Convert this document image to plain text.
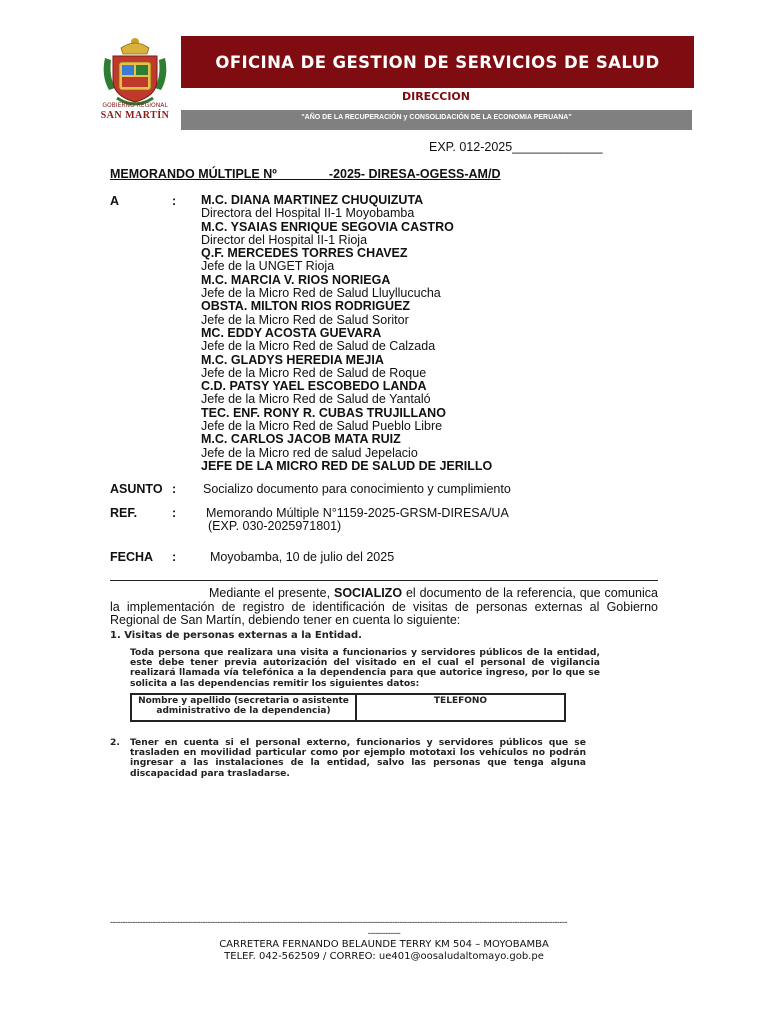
GOBIERNO REGIONAL
SAN MARTÍN
OFICINA DE GESTION DE SERVICIOS DE SALUD
DIRECCION
"AÑO DE LA RECUPERACIÓN y CONSOLIDACIÓN DE LA ECONOMIA PERUANA"
EXP. 012-2025_____________
MEMORANDO MÚLTIPLE Nº               -2025- DIRESA-OGESS-AM/D
A	: M.C. DIANA MARTINEZ CHUQUIZUTA
Directora del Hospital II-1 Moyobamba
M.C. YSAIAS ENRIQUE SEGOVIA CASTRO
Director del Hospital II-1 Rioja
Q.F. MERCEDES TORRES CHAVEZ
Jefe de la UNGET Rioja
M.C. MARCIA V. RIOS NORIEGA
Jefe de la Micro Red de Salud Lluyllucucha
OBSTA. MILTON RIOS RODRIGUEZ
Jefe de la Micro Red de Salud Soritor
MC. EDDY ACOSTA GUEVARA
Jefe de la Micro Red de Salud de Calzada
M.C. GLADYS HEREDIA MEJIA
Jefe de la Micro Red de Salud de Roque
C.D. PATSY YAEL ESCOBEDO LANDA
Jefe de la Micro Red de Salud de Yantaló
TEC. ENF. RONY R. CUBAS TRUJILLANO
Jefe de la Micro Red de Salud Pueblo Libre
M.C. CARLOS JACOB MATA RUIZ
Jefe de la Micro red de salud Jepelacio
JEFE DE LA MICRO RED DE SALUD DE JERILLO
ASUNTO : Socializo documento para conocimiento y cumplimiento
REF.	: Memorando Múltiple N°1159-2025-GRSM-DIRESA/UA
(EXP. 030-2025971801)
FECHA :	Moyobamba, 10 de julio del 2025
Mediante el presente, SOCIALIZO el documento de la referencia, que comunica la implementación de registro de identificación de visitas de personas externas al Gobierno Regional de San Martín, debiendo tener en cuenta lo siguiente:
1. Visitas de personas externas a la Entidad.
Toda persona que realizara una visita a funcionarios y servidores públicos de la entidad, este debe tener previa autorización del visitado en el cual el personal de vigilancia realizará llamada vía telefónica a la dependencia para que autorice ingreso, por lo que se solicita a las dependencias remitir los siguientes datos:
Nombre y apellido (secretaria o asistente administrativo de la dependencia)
TELEFONO
2. Tener en cuenta si el personal externo, funcionarios y servidores públicos que se trasladen en movilidad particular como por ejemplo mototaxi los vehículos no podrán ingresar a las instalaciones de la entidad, salvo las personas que tenga alguna discapacidad para trasladarse.
---------------------------------------------------------------------------------------------------------------------------------------------------------------------------------------
-------------
CARRETERA FERNANDO BELAUNDE TERRY KM 504 – MOYOBAMBA
TELEF. 042-562509 / CORREO: ue401@oosaludaltomayo.gob.pe
